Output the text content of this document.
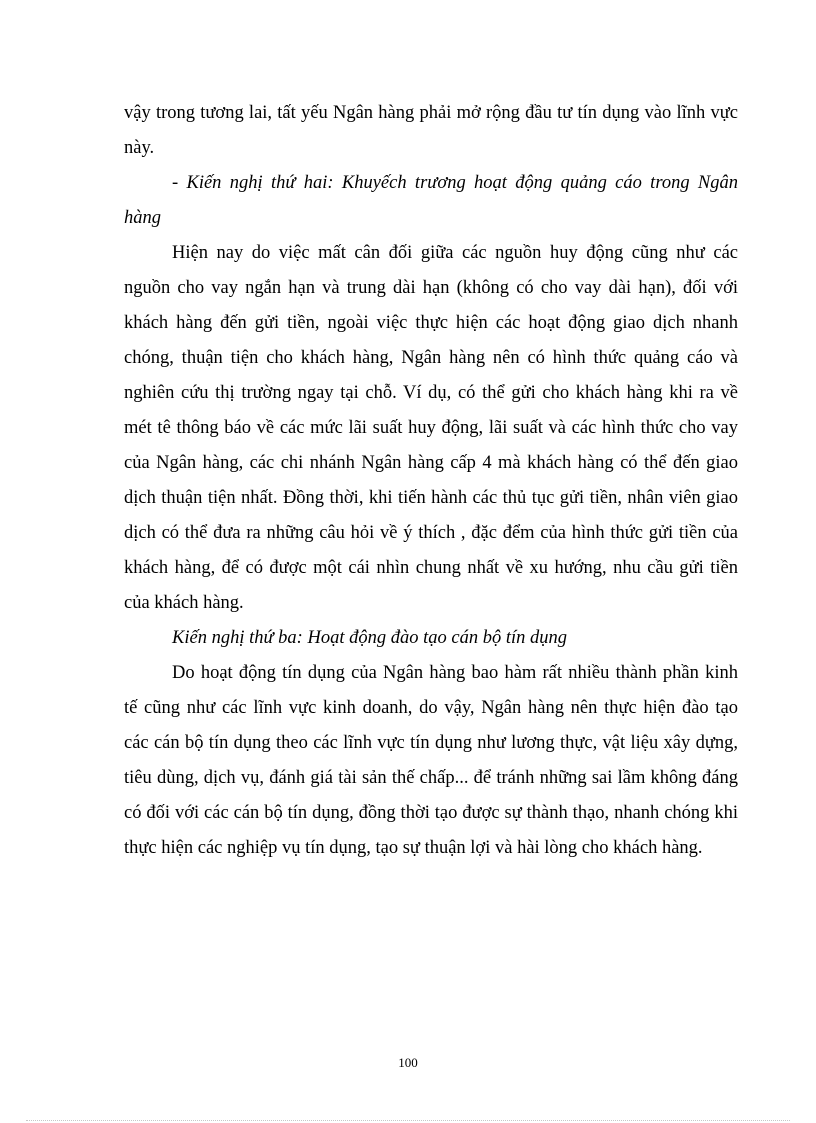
vậy trong tương lai, tất yếu Ngân hàng phải mở rộng đầu tư tín dụng vào lĩnh vực
này.
- Kiến nghị thứ hai: Khuyếch trương hoạt động quảng cáo trong Ngân
hàng
Hiện nay do việc mất cân đối giữa các nguồn huy động cũng như các
nguồn cho vay ngắn hạn và trung dài hạn (không có cho vay dài hạn), đối với
khách hàng đến gửi tiền, ngoài việc thực hiện các hoạt động giao dịch nhanh
chóng, thuận tiện cho khách hàng, Ngân hàng nên có hình thức quảng cáo và
nghiên cứu thị trường ngay tại chỗ. Ví dụ, có thể gửi cho khách hàng khi ra về
mét tê thông báo về các mức lãi suất huy động, lãi suất và các hình thức cho vay
của Ngân hàng, các chi nhánh Ngân hàng cấp 4 mà khách hàng có thể đến giao
dịch thuận tiện nhất. Đồng thời, khi tiến hành các thủ tục gửi tiền, nhân viên giao
dịch có thể đưa ra những câu hỏi về ý thích , đặc đểm của hình thức gửi tiền của
khách hàng, để có được một cái nhìn chung nhất về xu hướng, nhu cầu gửi tiền
của khách hàng.
Kiến nghị thứ ba: Hoạt động đào tạo cán bộ tín dụng
Do hoạt động tín dụng của Ngân hàng bao hàm rất nhiều thành phần kinh
tế cũng như các lĩnh vực kinh doanh, do vậy, Ngân hàng nên thực hiện đào tạo
các cán bộ tín dụng theo các lĩnh vực tín dụng như lương thực, vật liệu xây dựng,
tiêu dùng, dịch vụ, đánh giá tài sản thế chấp... để tránh những sai lầm không đáng
có đối với các cán bộ tín dụng, đồng thời tạo được sự thành thạo, nhanh chóng khi
thực hiện các nghiệp vụ tín dụng, tạo sự thuận lợi và hài lòng cho khách hàng.
100
